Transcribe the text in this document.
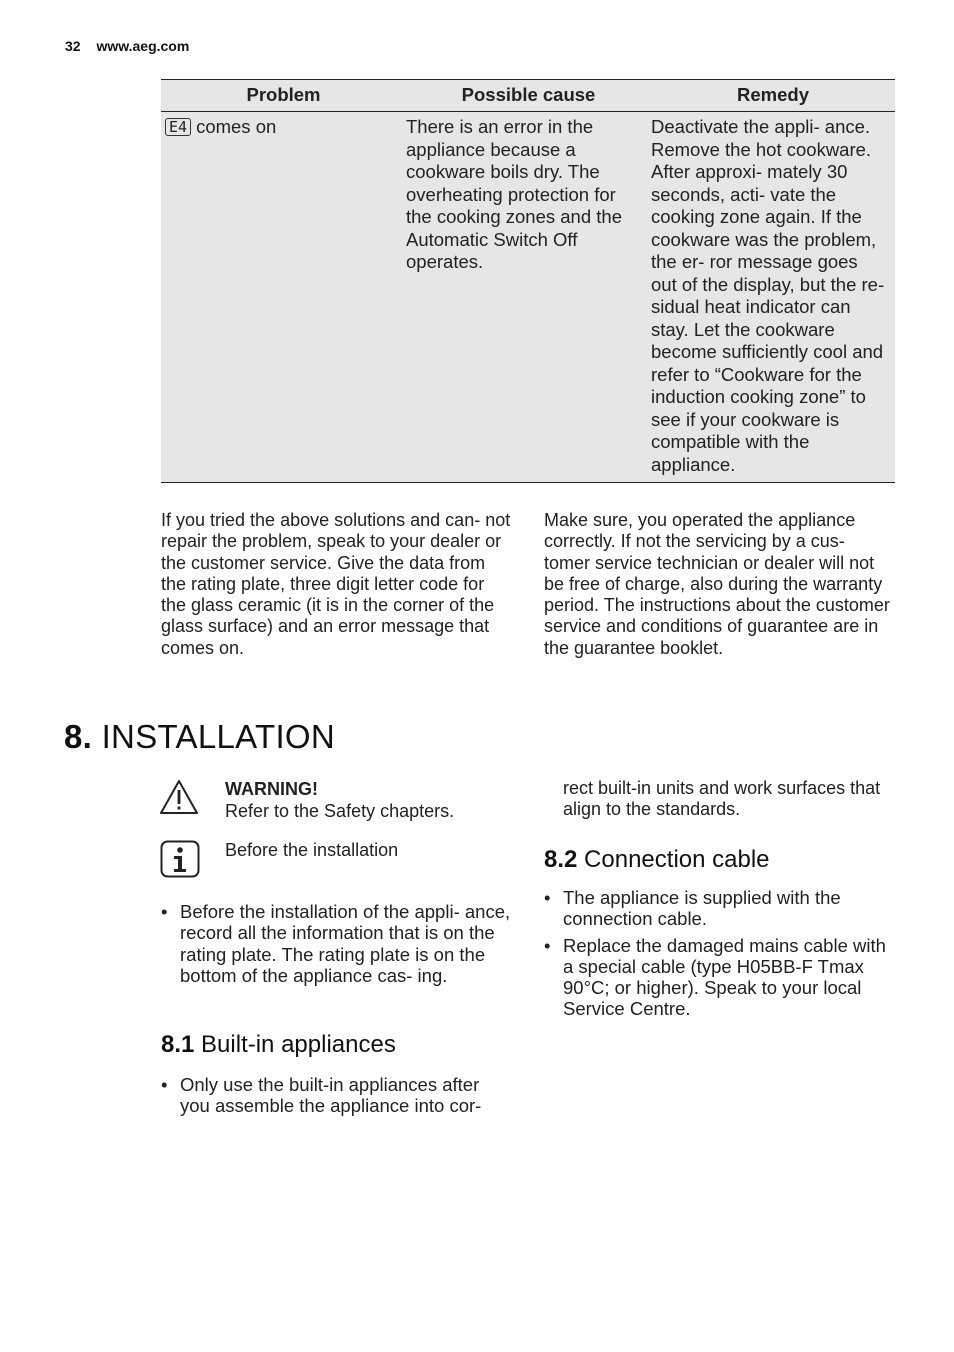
32 www.aeg.com
Problem	Possible cause	Remedy
E4 comes on	There is an error in the appliance because a cookware boils dry. The overheating protection for the cooking zones and the Automatic Switch Off operates.	Deactivate the appli- ance. Remove the hot cookware. After approxi- mately 30 seconds, acti- vate the cooking zone again. If the cookware was the problem, the er- ror message goes out of the display, but the re- sidual heat indicator can stay. Let the cookware become sufficiently cool and refer to “Cookware for the induction cooking zone” to see if your cookware is compatible with the appliance.
If you tried the above solutions and can- not repair the problem, speak to your dealer or the customer service. Give the data from the rating plate, three digit letter code for the glass ceramic (it is in the corner of the glass surface) and an error message that comes on.
Make sure, you operated the appliance correctly. If not the servicing by a cus- tomer service technician or dealer will not be free of charge, also during the warranty period. The instructions about the customer service and conditions of guarantee are in the guarantee booklet.
8. INSTALLATION
WARNING!
Refer to the Safety chapters.
Before the installation
• Before the installation of the appli- ance, record all the information that is on the rating plate. The rating plate is on the bottom of the appliance cas- ing.
8.1 Built-in appliances
• Only use the built-in appliances after you assemble the appliance into cor-
rect built-in units and work surfaces that align to the standards.
8.2 Connection cable
• The appliance is supplied with the connection cable.
• Replace the damaged mains cable with a special cable (type H05BB-F Tmax 90°C; or higher). Speak to your local Service Centre.
